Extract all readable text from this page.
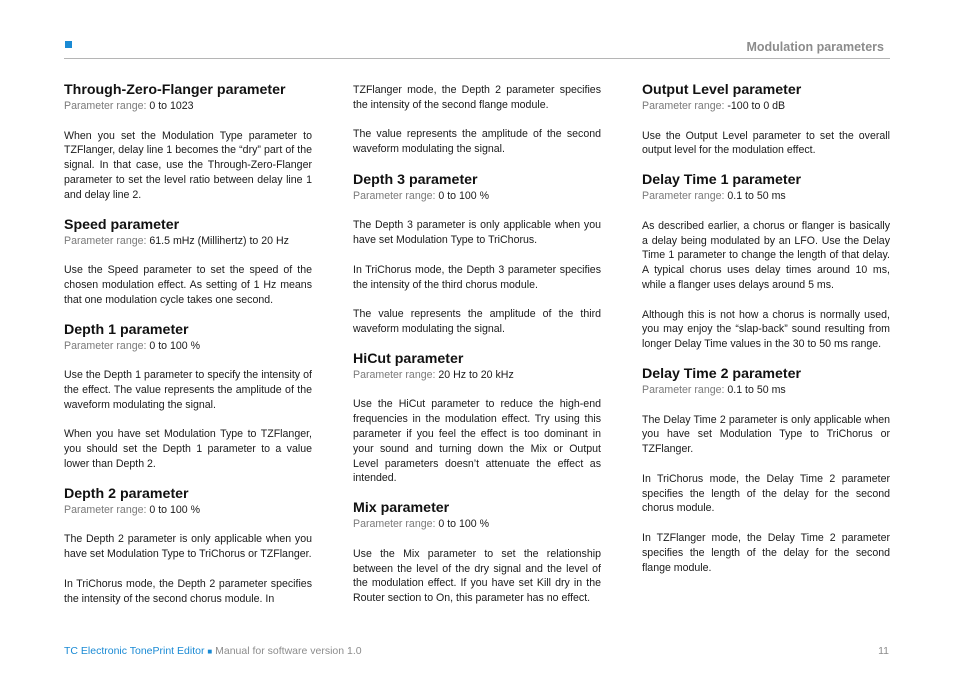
Modulation parameters
Through-Zero-Flanger parameter
Parameter range: 0 to 1023

When you set the Modulation Type parameter to TZFlanger, delay line 1 becomes the “dry” part of the signal. In that case, use the Through-Zero-Flanger parameter to set the level ratio between delay line 1 and delay line 2.

Speed parameter
Parameter range: 61.5 mHz (Millihertz) to 20 Hz

Use the Speed parameter to set the speed of the chosen modulation effect. As setting of 1 Hz means that one modulation cycle takes one second.

Depth 1 parameter
Parameter range: 0 to 100 %

Use the Depth 1 parameter to specify the intensity of the effect. The value represents the amplitude of the waveform modulating the signal.

When you have set Modulation Type to TZFlanger, you should set the Depth 1 parameter to a value lower than Depth 2.

Depth 2 parameter
Parameter range: 0 to 100 %

The Depth 2 parameter is only applicable when you have set Modulation Type to TriChorus or TZFlanger.

In TriChorus mode, the Depth 2 parameter specifies the intensity of the second chorus module. In

TZFlanger mode, the Depth 2 parameter specifies the intensity of the second flange module.

The value represents the amplitude of the second waveform modulating the signal.

Depth 3 parameter
Parameter range: 0 to 100 %

The Depth 3 parameter is only applicable when you have set Modulation Type to TriChorus.

In TriChorus mode, the Depth 3 parameter specifies the intensity of the third chorus module.

The value represents the amplitude of the third waveform modulating the signal.

HiCut parameter
Parameter range: 20 Hz to 20 kHz

Use the HiCut parameter to reduce the high-end frequencies in the modulation effect. Try using this parameter if you feel the effect is too dominant in your sound and turning down the Mix or Output Level parameters doesn’t attenuate the effect as intended.

Mix parameter
Parameter range: 0 to 100 %

Use the Mix parameter to set the relationship between the level of the dry signal and the level of the modulation effect. If you have set Kill dry in the Router section to On, this parameter has no effect.

Output Level parameter
Parameter range: -100 to 0 dB

Use the Output Level parameter to set the overall output level for the modulation effect.

Delay Time 1 parameter
Parameter range: 0.1 to 50 ms

As described earlier, a chorus or flanger is basically a delay being modulated by an LFO. Use the Delay Time 1 parameter to change the length of that delay. A typical chorus uses delay times around 10 ms, while a flanger uses delays around 5 ms.

Although this is not how a chorus is normally used, you may enjoy the “slap-back” sound resulting from longer Delay Time values in the 30 to 50 ms range.

Delay Time 2 parameter
Parameter range: 0.1 to 50 ms

The Delay Time 2 parameter is only applicable when you have set Modulation Type to TriChorus or TZFlanger.

In TriChorus mode, the Delay Time 2 parameter specifies the length of the delay for the second chorus module.

In TZFlanger mode, the Delay Time 2 parameter specifies the length of the delay for the second flange module.

TC Electronic TonePrint Editor ■ Manual for software version 1.0	11
